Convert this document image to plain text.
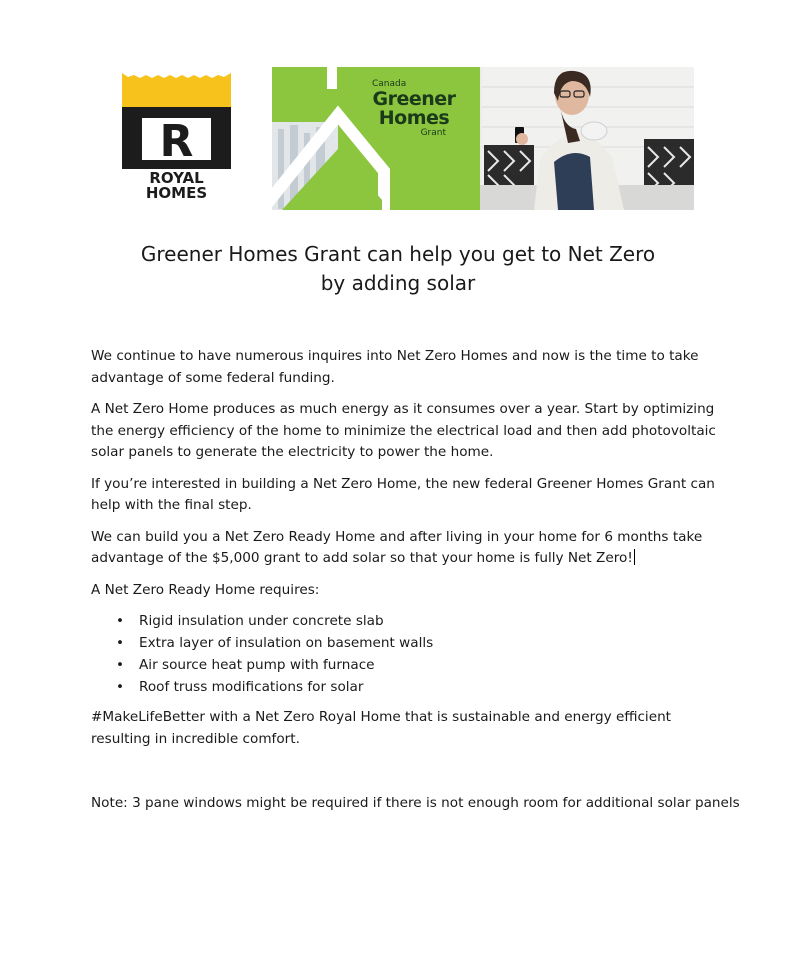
R
ROYAL
HOMES
Canada
Greener
Homes
Grant
Greener Homes Grant can help you get to Net Zero
by adding solar

We continue to have numerous inquires into Net Zero Homes and now is the time to take advantage of some federal funding.

A Net Zero Home produces as much energy as it consumes over a year. Start by optimizing the energy efficiency of the home to minimize the electrical load and then add photovoltaic solar panels to generate the electricity to power the home.

If you’re interested in building a Net Zero Home, the new federal Greener Homes Grant can help with the final step.

We can build you a Net Zero Ready Home and after living in your home for 6 months take advantage of the $5,000 grant to add solar so that your home is fully Net Zero!

A Net Zero Ready Home requires:

• Rigid insulation under concrete slab
• Extra layer of insulation on basement walls
• Air source heat pump with furnace
• Roof truss modifications for solar

#MakeLifeBetter with a Net Zero Royal Home that is sustainable and energy efficient resulting in incredible comfort.

Note: 3 pane windows might be required if there is not enough room for additional solar panels
